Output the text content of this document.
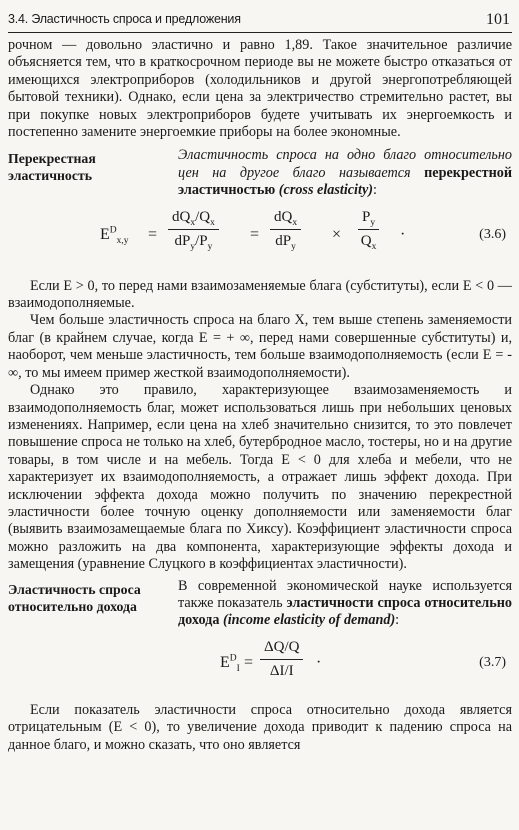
3.4. Эластичность спроса и предложения	101

рочном — довольно эластично и равно 1,89. Такое значительное различие объясняется тем, что в краткосрочном периоде вы не можете быстро отказаться от имеющихся электроприборов (холодильников и другой энергопотребляющей бытовой техники). Однако, если цена за электричество стремительно растет, вы при покупке новых электроприборов будете учитывать их энергоемкость и постепенно замените энергоемкие приборы на более экономные.

Перекрестная эластичность
Эластичность спроса на одно благо относительно цен на другое благо называется перекрестной эластичностью (cross elasticity):
$E^D_{x,y}$ =
$dQ_x/Q_x$
$dP_y/P_y$
=
$dQ_x$
$dP_y$
× $\frac{P_y}{Q_x}$ ·	(3.6)

Если E > 0, то перед нами взаимозаменяемые блага (субституты), если E < 0 — взаимодополняемые.

Чем больше эластичность спроса на благо X, тем выше степень заменяемости благ (в крайнем случае, когда E = + ∞, перед нами совершенные субституты) и, наоборот, чем меньше эластичность, тем больше взаимодополняемость (если E = - ∞, то мы имеем пример жесткой взаимодополняемости).

Однако это правило, характеризующее взаимозаменяемость и взаимодополняемость благ, может использоваться лишь при небольших ценовых изменениях. Например, если цена на хлеб значительно снизится, то это повлечет повышение спроса не только на хлеб, бутербродное масло, тостеры, но и на другие товары, в том числе и на мебель. Тогда E < 0 для хлеба и мебели, что не характеризует их взаимодополняемость, а отражает лишь эффект дохода. При исключении эффекта дохода можно получить по значению перекрестной эластичности более точную оценку дополняемости или заменяемости благ (выявить взаимозамещаемые блага по Хиксу). Коэффициент эластичности спроса можно разложить на два компонента, характеризующие эффекты дохода и замещения (уравнение Слуцкого в коэффициентах эластичности).

Эластичность спроса относительно дохода
В современной экономической науке используется также показатель эластичности спроса относительно дохода (income elasticity of demand):
$E^D_I = \frac{\Delta Q/Q}{\Delta I/I}$ ·	(3.7)

Если показатель эластичности спроса относительно дохода является отрицательным (E < 0), то увеличение дохода приводит к падению спроса на данное благо, и можно сказать, что оно является
